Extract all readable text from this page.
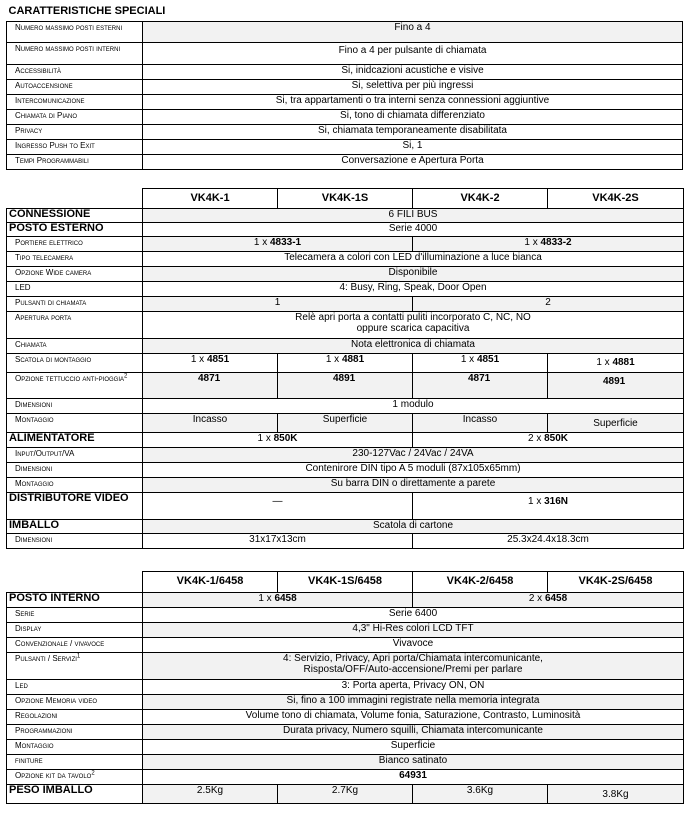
CARATTERISTICHE SPECIALI	
Numero massimo posti esterni	Fino a 4
Numero massimo posti interni	Fino a 4 per pulsante di chiamata
Accessibilità	Si, inidcazioni acustiche e visive
Autoaccensione	Si, selettiva per più ingressi
Intercomunicazione	Si, tra appartamenti o tra interni senza connessioni aggiuntive
Chiamata di Piano	Si, tono di chiamata differenziato
Privacy	Si, chiamata temporaneamente disabilitata
Ingresso Push to Exit	Si, 1
Tempi Programmabili	Conversazione e Apertura Porta
	VK4K-1	VK4K-1S	VK4K-2	VK4K-2S
CONNESSIONE	6 FILI BUS			
POSTO ESTERNO	Serie 4000			
Portiere elettrico	1 x 4833-1		1 x 4833-2	
Tipo telecamera	Telecamera a colori con LED d'illuminazione a luce bianca			
Opzione Wide camera	Disponibile			
LED	4: Busy, Ring, Speak, Door Open			
Pulsanti di chiamata	1		2	
Apertura porta	Relè apri porta a contatti puliti incorporato C, NC, NO
oppure scarica capacitiva			

Chiamata	Nota elettronica di chiamata			
Scatola di montaggio	1 x 4851	1 x 4881	1 x 4851	1 x 4881
Opzione tettuccio anti-pioggia$^2$	4871	4891	4871	4891
Dimensioni	1 modulo			
Montaggio	Incasso	Superficie	Incasso	Superficie
ALIMENTATORE	1 x 850K		2 x 850K	
Input/Output/VA	230-127Vac / 24Vac / 24VA			
Dimensioni	Contenirore DIN tipo A 5 moduli (87x105x65mm)			
Montaggio	Su barra DIN o direttamente a parete			
DISTRIBUTORE VIDEO	—		1 x 316N	
IMBALLO	Scatola di cartone			
Dimensioni	31x17x13cm		25.3x24.4x18.3cm	
	VK4K-1/6458	VK4K-1S/6458	VK4K-2/6458	VK4K-2S/6458
POSTO INTERNO	1 x 6458		2 x 6458	
Serie	Serie 6400			
Display	4,3" Hi-Res colori LCD TFT			
Convenzionale / vivavoce	Vivavoce			
Pulsanti / Servizi$^1$	4: Servizio, Privacy, Apri porta/Chiamata intercomunicante,
Risposta/OFF/Auto-accensione/Premi per parlare			

Led	3: Porta aperta, Privacy ON, ON			
Opzione Memoria video	Si, fino a 100 immagini registrate nella memoria integrata			
Regolazioni	Volume tono di chiamata, Volume fonia, Saturazione, Contrasto, Luminosità			
Programmazioni	Durata privacy, Numero squilli, Chiamata intercomunicante			
Montaggio	Superficie			
finiture	Bianco satinato			
Opzione kit da tavolo$^2$	64931			
PESO IMBALLO	2.5Kg	2.7Kg	3.6Kg	3.8Kg
